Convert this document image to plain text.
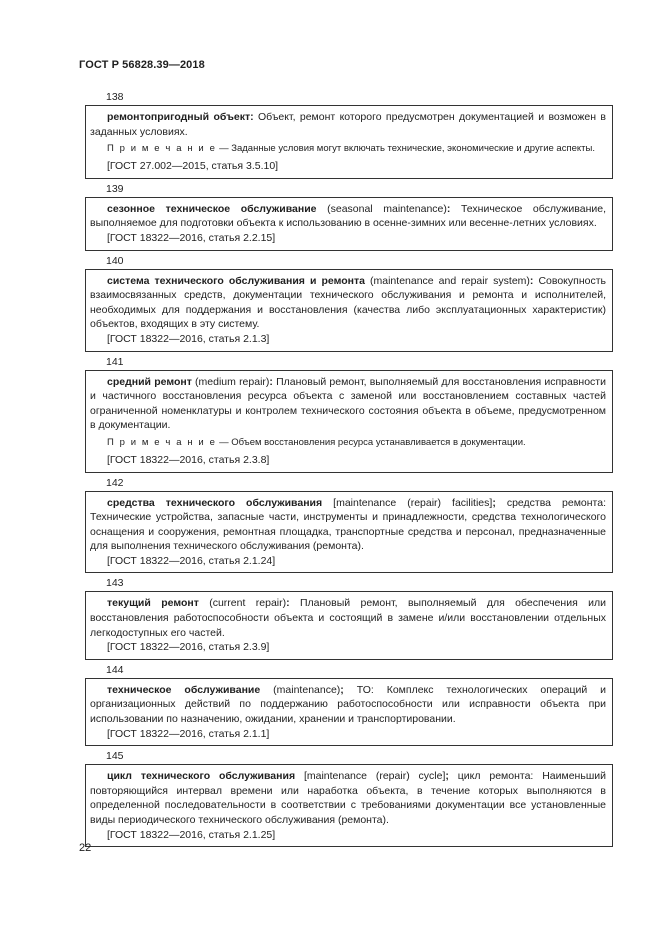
ГОСТ Р 56828.39—2018
138

ремонтопригодный объект: Объект, ремонт которого предусмотрен документацией и возможен в заданных условиях.

П р и м е ч а н и е — Заданные условия могут включать технические, экономические и другие аспекты.

[ГОСТ 27.002—2015, статья 3.5.10]

139

сезонное техническое обслуживание (seasonal maintenance): Техническое обслуживание, выполняемое для подготовки объекта к использованию в осенне-зимних или весенне-летних условиях.

[ГОСТ 18322—2016, статья 2.2.15]

140

система технического обслуживания и ремонта (maintenance and repair system): Совокупность взаимосвязанных средств, документации технического обслуживания и ремонта и исполнителей, необходимых для поддержания и восстановления (качества либо эксплуатационных характеристик) объектов, входящих в эту систему.

[ГОСТ 18322—2016, статья 2.1.3]

141

средний ремонт (medium repair): Плановый ремонт, выполняемый для восстановления исправности и частичного восстановления ресурса объекта с заменой или восстановлением составных частей ограниченной номенклатуры и контролем технического состояния объекта в объеме, предусмотренном в документации.

П р и м е ч а н и е — Объем восстановления ресурса устанавливается в документации.

[ГОСТ 18322—2016, статья 2.3.8]

142

средства технического обслуживания [maintenance (repair) facilities]; средства ремонта: Технические устройства, запасные части, инструменты и принадлежности, средства технологического оснащения и сооружения, ремонтная площадка, транспортные средства и персонал, предназначенные для выполнения технического обслуживания (ремонта).

[ГОСТ 18322—2016, статья 2.1.24]

143

текущий ремонт (current repair): Плановый ремонт, выполняемый для обеспечения или восстановления работоспособности объекта и состоящий в замене и/или восстановлении отдельных легкодоступных его частей.

[ГОСТ 18322—2016, статья 2.3.9]

144

техническое обслуживание (maintenance); ТО: Комплекс технологических операций и организационных действий по поддержанию работоспособности или исправности объекта при использовании по назначению, ожидании, хранении и транспортировании.

[ГОСТ 18322—2016, статья 2.1.1]

145

цикл технического обслуживания [maintenance (repair) cycle]; цикл ремонта: Наименьший повторяющийся интервал времени или наработка объекта, в течение которых выполняются в определенной последовательности в соответствии с требованиями документации все установленные виды периодического технического обслуживания (ремонта).

[ГОСТ 18322—2016, статья 2.1.25]

22
